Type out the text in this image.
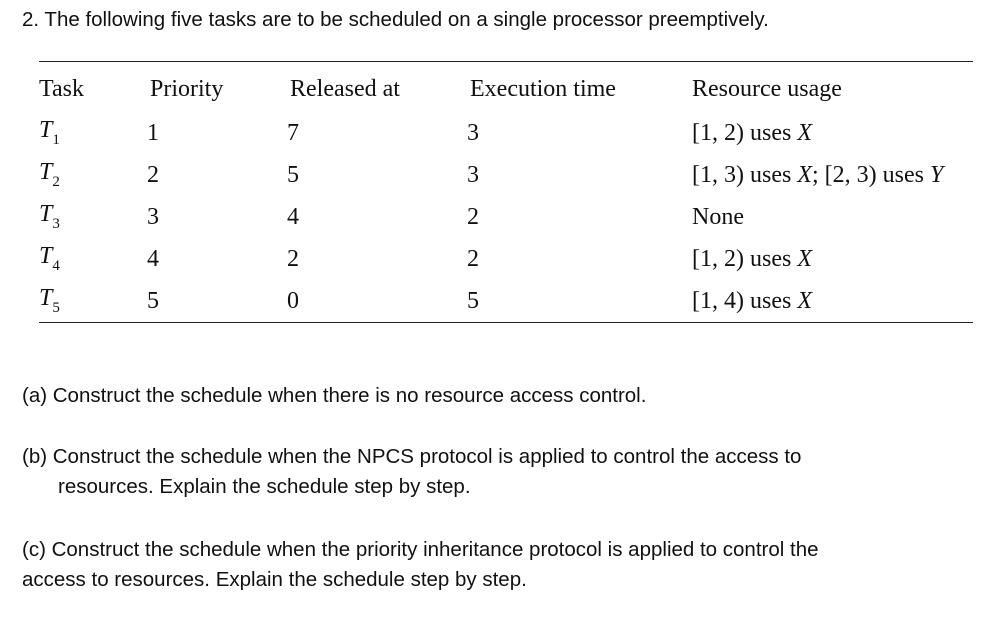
2. The following five tasks are to be scheduled on a single processor preemptively.
Task	Priority	Released at	Execution time	Resource usage
$T_1$	1	7	3	[1, 2) uses X
$T_2$	2	5	3	[1, 3) uses X; [2, 3) uses Y
$T_3$	3	4	2	None
$T_4$	4	2	2	[1, 2) uses X
$T_5$	5	0	5	[1, 4) uses X
(a) Construct the schedule when there is no resource access control.
(b) Construct the schedule when the NPCS protocol is applied to control the access to
resources. Explain the schedule step by step.
(c) Construct the schedule when the priority inheritance protocol is applied to control the
access to resources. Explain the schedule step by step.
